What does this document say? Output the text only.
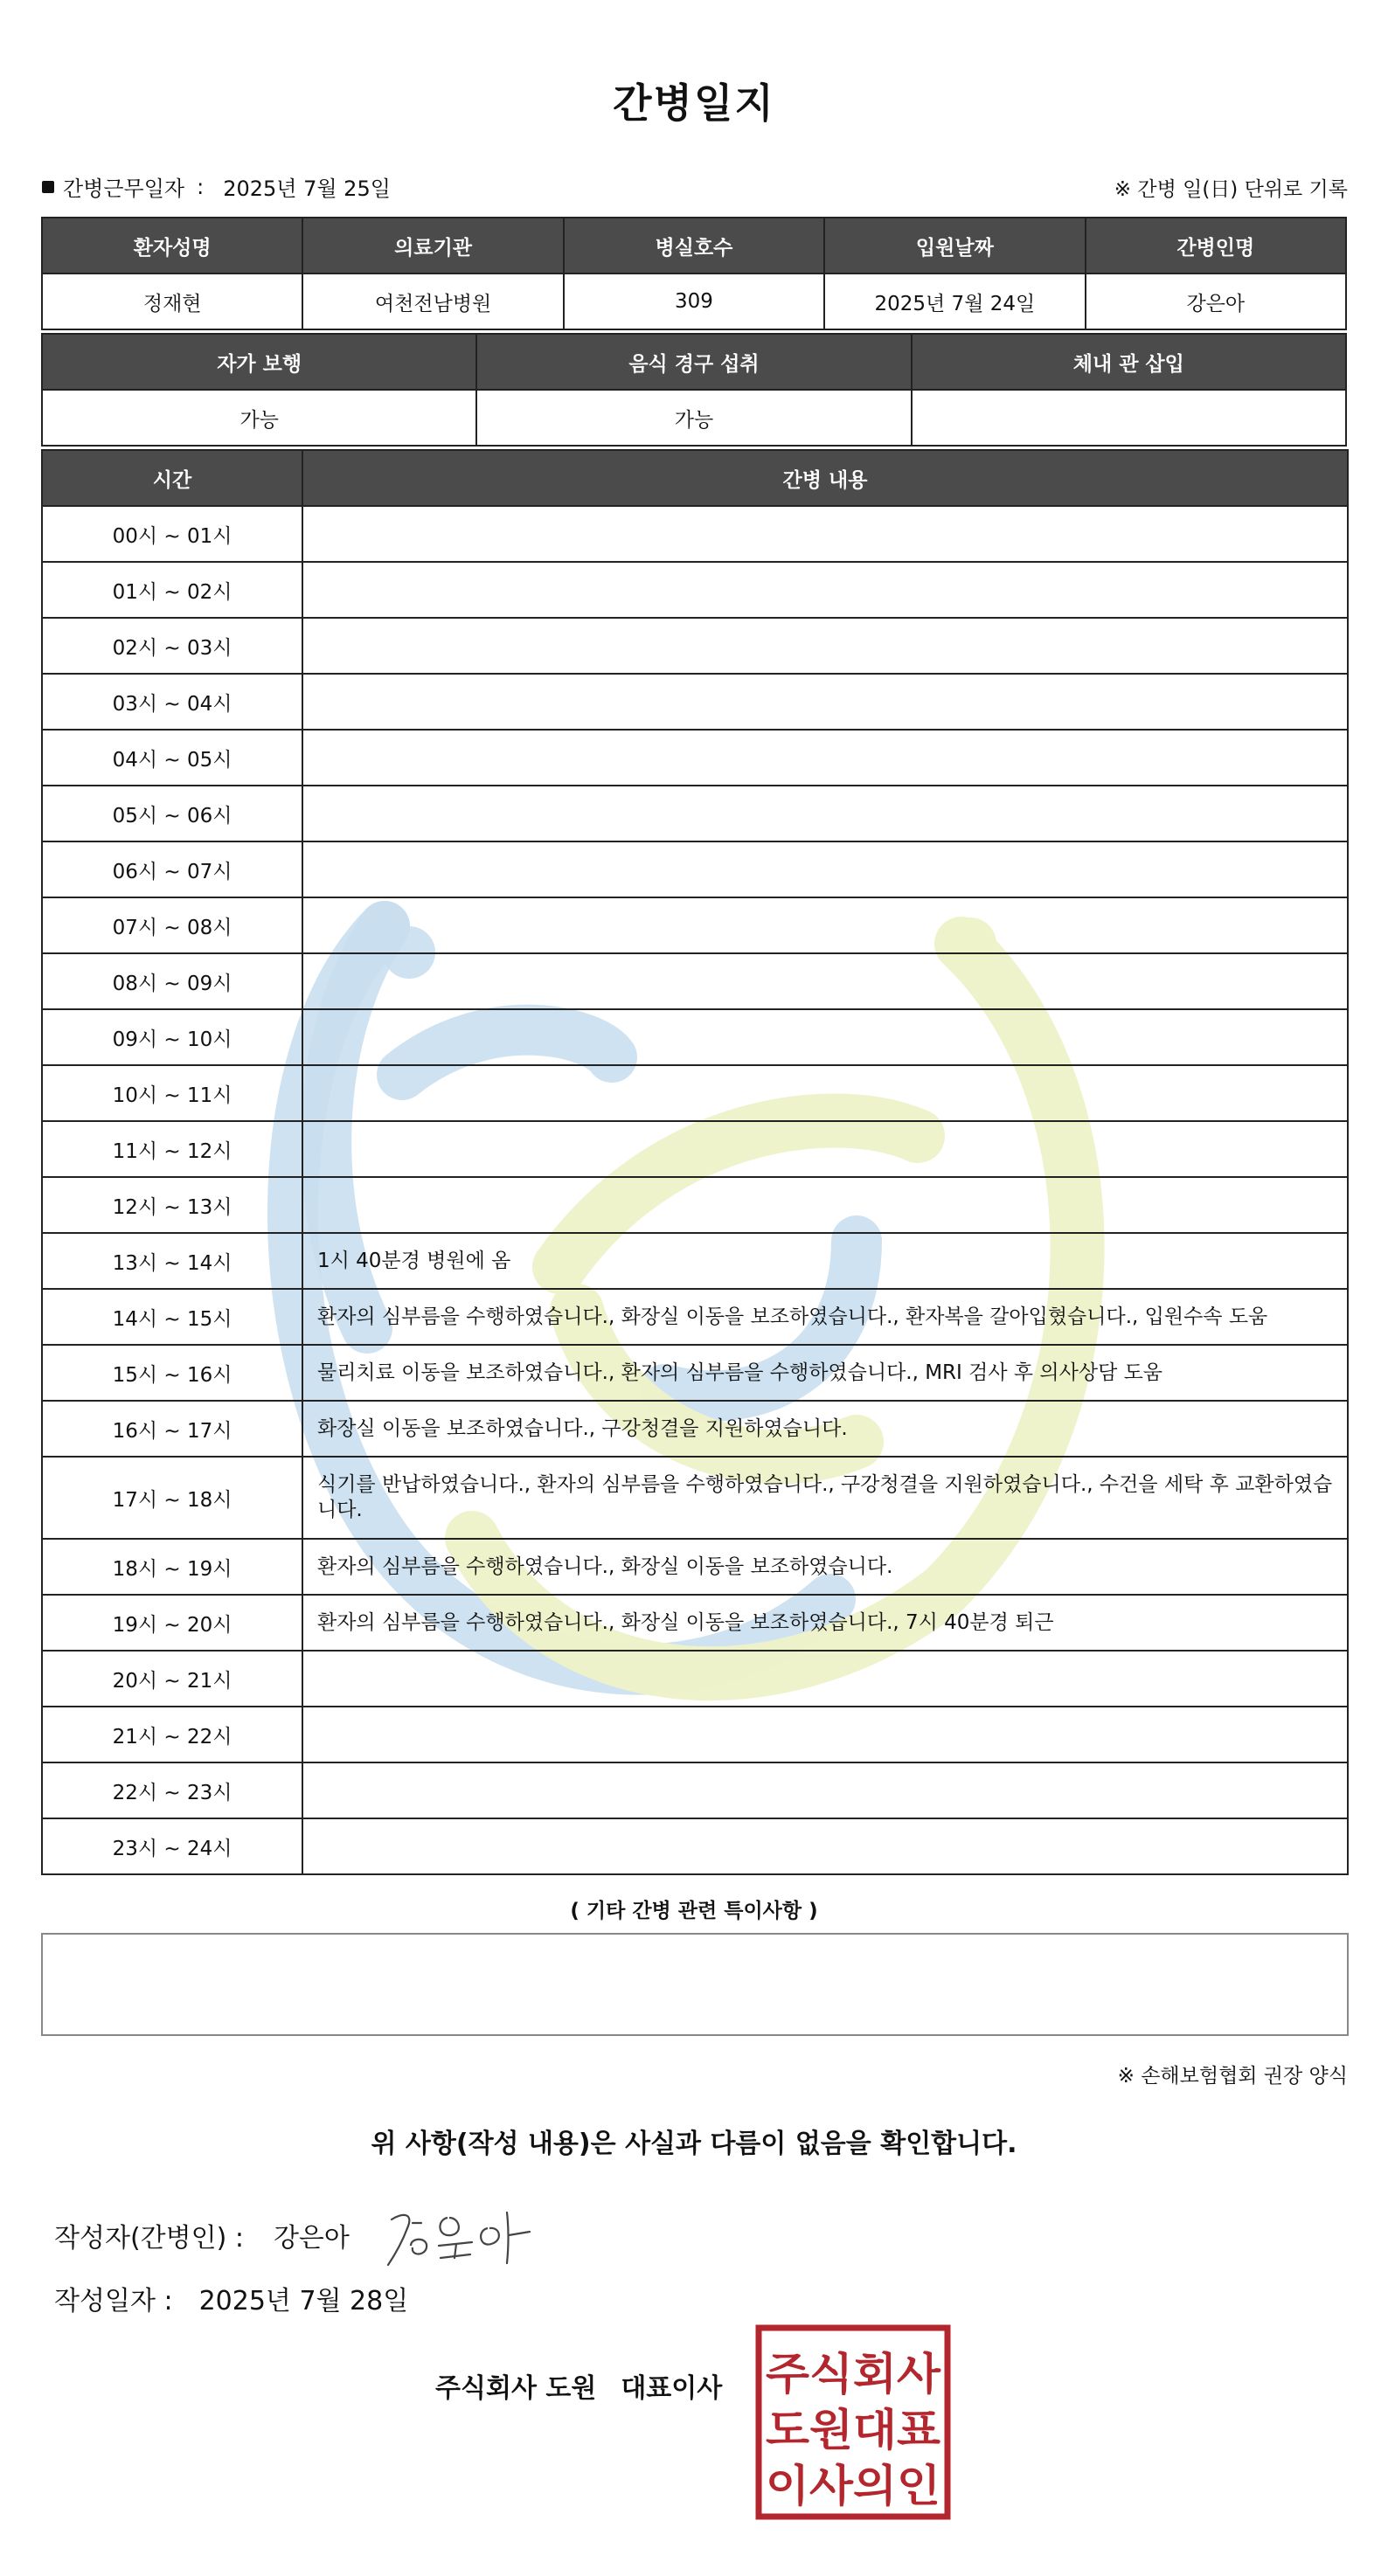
간병일지
간병근무일자 : 2025년 7월 25일	※ 간병 일(日) 단위로 기록
환자성명	의료기관	병실호수	입원날짜	간병인명
정재현	여천전남병원	309	2025년 7월 24일	강은아
자가 보행	음식 경구 섭취	체내 관 삽입
가능	가능	
시간	간병 내용
00시 ~ 01시	
01시 ~ 02시	
02시 ~ 03시	
03시 ~ 04시	
04시 ~ 05시	
05시 ~ 06시	
06시 ~ 07시	
07시 ~ 08시	
08시 ~ 09시	
09시 ~ 10시	
10시 ~ 11시	
11시 ~ 12시	
12시 ~ 13시	
13시 ~ 14시	1시 40분경 병원에 옴
14시 ~ 15시	환자의 심부름을 수행하였습니다., 화장실 이동을 보조하였습니다., 환자복을 갈아입혔습니다., 입원수속 도움
15시 ~ 16시	물리치료 이동을 보조하였습니다., 환자의 심부름을 수행하였습니다., MRI 검사 후 의사상담 도움
16시 ~ 17시	화장실 이동을 보조하였습니다., 구강청결을 지원하였습니다.
17시 ~ 18시	식기를 반납하였습니다., 환자의 심부름을 수행하였습니다., 구강청결을 지원하였습니다., 수건을 세탁 후 교환하였습니다.
18시 ~ 19시	환자의 심부름을 수행하였습니다., 화장실 이동을 보조하였습니다.
19시 ~ 20시	환자의 심부름을 수행하였습니다., 화장실 이동을 보조하였습니다., 7시 40분경 퇴근
20시 ~ 21시	
21시 ~ 22시	
22시 ~ 23시	
23시 ~ 24시	
( 기타 간병 관련 특이사항 )
※ 손해보험협회 권장 양식
위 사항(작성 내용)은 사실과 다름이 없음을 확인합니다.
작성자(간병인) : 강은아
작성일자 : 2025년 7월 28일
주식회사 도원 대표이사 주식회사
도원대표
이사의인
